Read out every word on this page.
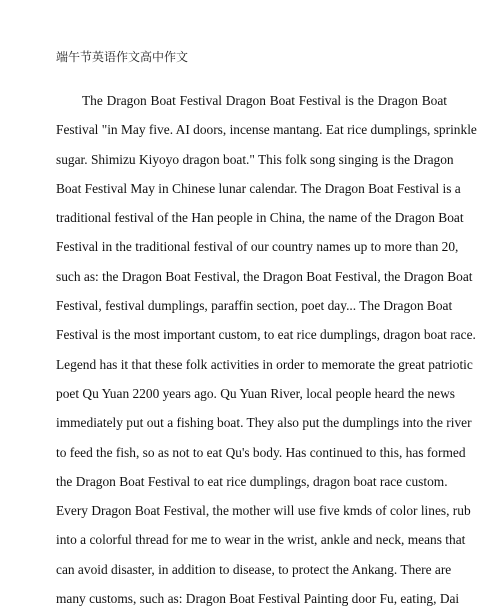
端午节英语作文高中作文
The Dragon Boat Festival Dragon Boat Festival is the Dragon Boat
Festival "in May five. AI doors, incense mantang. Eat rice dumplings, sprinkle
sugar. Shimizu Kiyoyo dragon boat." This folk song singing is the Dragon
Boat Festival May in Chinese lunar calendar. The Dragon Boat Festival is a
traditional festival of the Han people in China, the name of the Dragon Boat
Festival in the traditional festival of our country names up to more than 20,
such as: the Dragon Boat Festival, the Dragon Boat Festival, the Dragon Boat
Festival, festival dumplings, paraffin section, poet day... The Dragon Boat
Festival is the most important custom, to eat rice dumplings, dragon boat race.
Legend has it that these folk activities in order to memorate the great patriotic
poet Qu Yuan 2200 years ago. Qu Yuan River, local people heard the news
immediately put out a fishing boat. They also put the dumplings into the river
to feed the fish, so as not to eat Qu's body. Has continued to this, has formed
the Dragon Boat Festival to eat rice dumplings, dragon boat race custom.
Every Dragon Boat Festival, the mother will use five kmds of color lines, rub
into a colorful thread for me to wear in the wrist, ankle and neck, means that
can avoid disaster, in addition to disease, to protect the Ankang. There are
many customs, such as: Dragon Boat Festival Painting door Fu, eating, Dai
